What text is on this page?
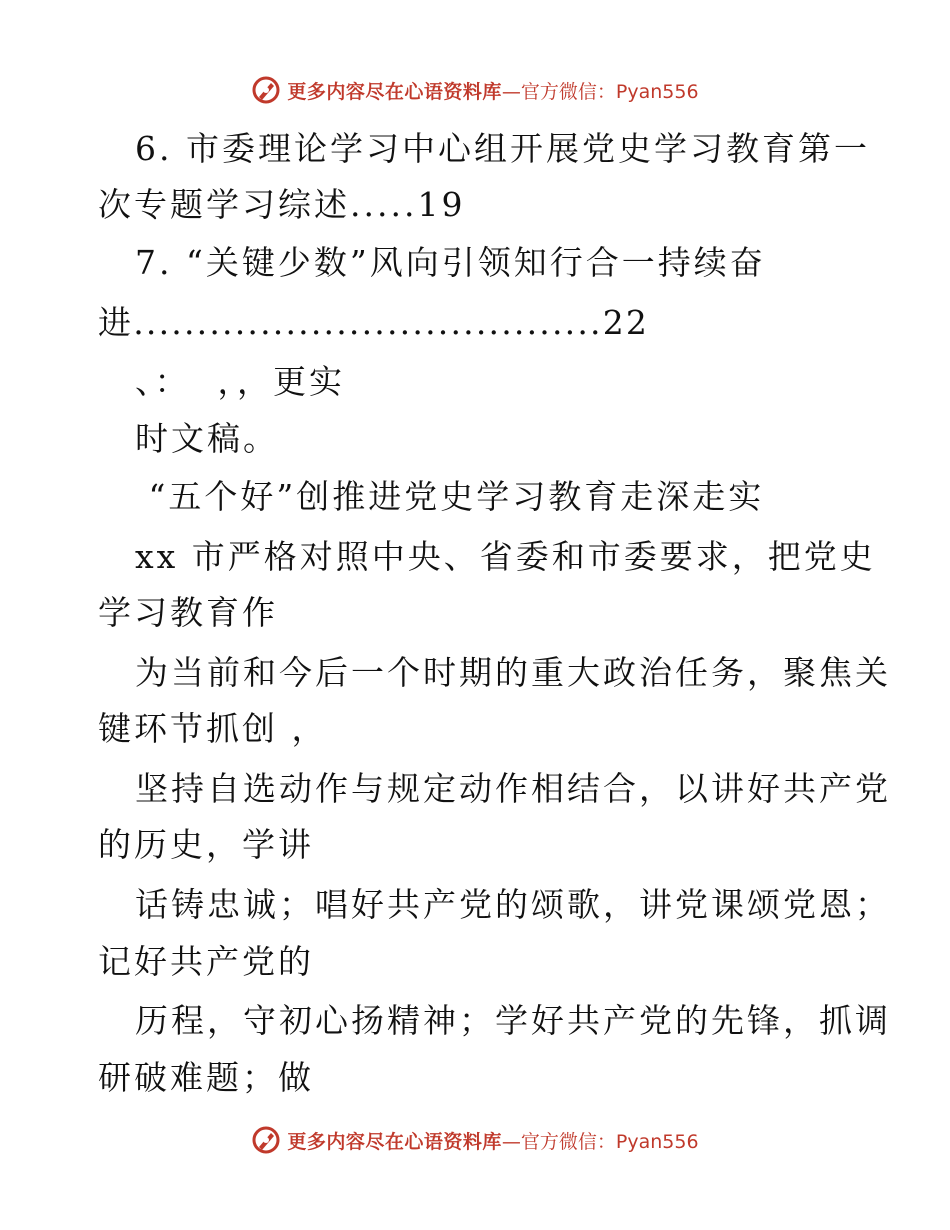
更多内容尽在心语资料库 —官方微信：Pyan556
6. 市委理论学习中心组开展党史学习教育第一
次专题学习综述.....19
7. “关键少数”风向引领知行合一持续奋
进.....................................22
、：  ，，更实
时文稿。
“五个好”创推进党史学习教育走深走实
xx 市严格对照中央、省委和市委要求，把党史
学习教育作
为当前和今后一个时期的重大政治任务，聚焦关
键环节抓创 ，
坚持自选动作与规定动作相结合，以讲好共产党
的历史，学讲
话铸忠诚；唱好共产党的颂歌，讲党课颂党恩；
记好共产党的
历程，守初心扬精神；学好共产党的先锋，抓调
研破难题；做
更多内容尽在心语资料库 —官方微信：Pyan556
